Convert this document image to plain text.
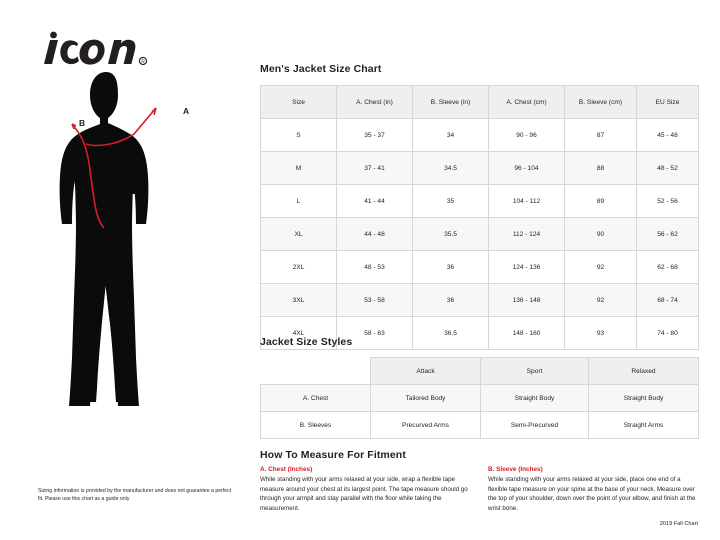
R
A
B
Sizing information is provided by the manufacturer and does not guarantee a perfect fit. Please use this chart as a guide only
Men's Jacket Size Chart
Size	A. Chest (in)	B. Sleeve (in)	A. Chest (cm)	B. Sleeve (cm)	EU Size
S	35 - 37	34	90 - 96	87	45 - 48
M	37 - 41	34.5	96 - 104	88	48 - 52
L	41 - 44	35	104 - 112	89	52 - 56
XL	44 - 48	35.5	112 - 124	90	56 - 62
2XL	48 - 53	36	124 - 136	92	62 - 68
3XL	53 - 58	36	136 - 148	92	68 - 74
4XL	58 - 63	36.5	148 - 160	93	74 - 80
Jacket Size Styles
	Attack	Sport	Relaxed
A. Chest	Tailored Body	Straight Body	Straight Body
B. Sleeves	Precurved Arms	Semi-Precurved	Straight Arms
How To Measure For Fitment
A. Chest (Inches)
While standing with your arms relaxed at your side, wrap a flexible tape measure around your chest at its largest point. The tape measure should go through your armpit and stay parallel with the floor while taking the measurement.
B. Sleeve (Inches)
While standing with your arms relaxed at your side, place one end of a flexible tape measure on your spine at the base of your neck, Measure over the top of your shoulder, down over the point of your elbow, and finish at the wrist bone.
2019 Fall Chart
